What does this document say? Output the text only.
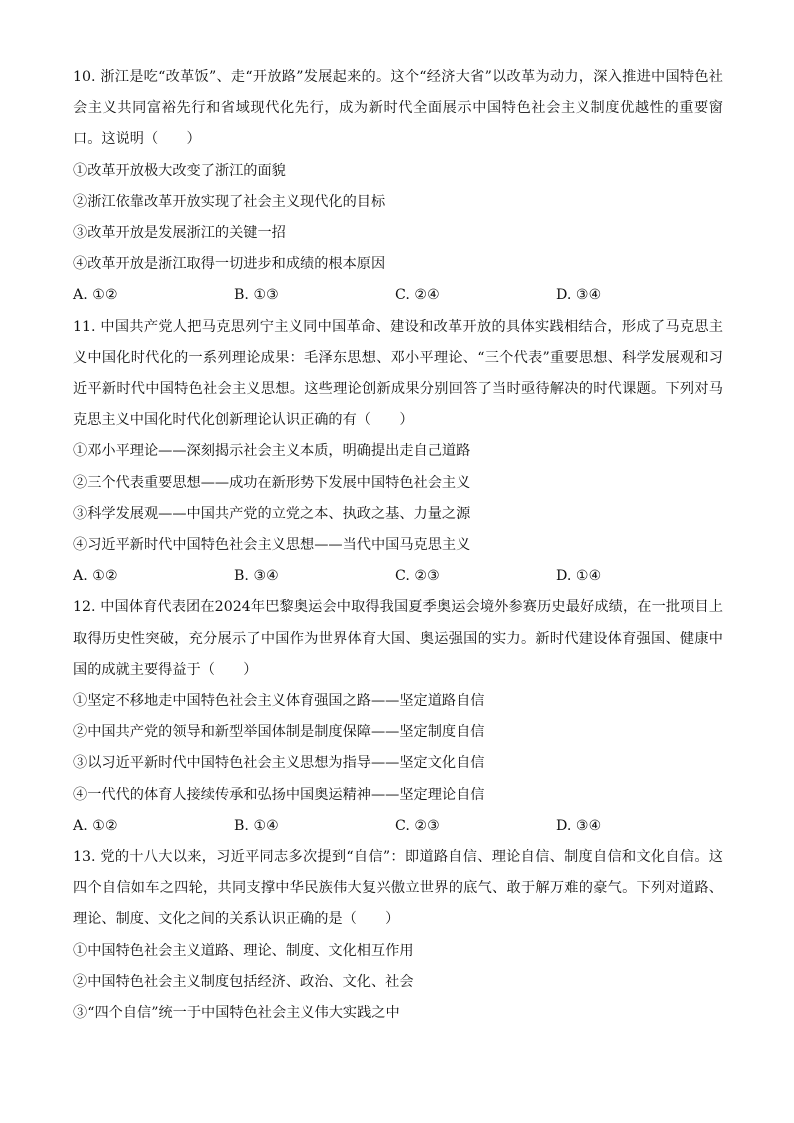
10. 浙江是吃“改革饭”、走“开放路”发展起来的。这个“经济大省”以改革为动力，深入推进中国特色社会主义共同富裕先行和省域现代化先行，成为新时代全面展示中国特色社会主义制度优越性的重要窗口。这说明（　　）

①改革开放极大改变了浙江的面貌

②浙江依靠改革开放实现了社会主义现代化的目标

③改革开放是发展浙江的关键一招

④改革开放是浙江取得一切进步和成绩的根本原因

A. ①②	B. ①③	C. ②④	D. ③④

11. 中国共产党人把马克思列宁主义同中国革命、建设和改革开放的具体实践相结合，形成了马克思主义中国化时代化的一系列理论成果：毛泽东思想、邓小平理论、“三个代表”重要思想、科学发展观和习近平新时代中国特色社会主义思想。这些理论创新成果分别回答了当时亟待解决的时代课题。下列对马克思主义中国化时代化创新理论认识正确的有（　　）

①邓小平理论——深刻揭示社会主义本质，明确提出走自己道路

②三个代表重要思想——成功在新形势下发展中国特色社会主义

③科学发展观——中国共产党的立党之本、执政之基、力量之源

④习近平新时代中国特色社会主义思想——当代中国马克思主义

A. ①②	B. ③④	C. ②③	D. ①④

12. 中国体育代表团在2024年巴黎奥运会中取得我国夏季奥运会境外参赛历史最好成绩，在一批项目上取得历史性突破，充分展示了中国作为世界体育大国、奥运强国的实力。新时代建设体育强国、健康中国的成就主要得益于（　　）

①坚定不移地走中国特色社会主义体育强国之路——坚定道路自信

②中国共产党的领导和新型举国体制是制度保障——坚定制度自信

③以习近平新时代中国特色社会主义思想为指导——坚定文化自信

④一代代的体育人接续传承和弘扬中国奥运精神——坚定理论自信

A. ①②	B. ①④	C. ②③	D. ③④

13. 党的十八大以来，习近平同志多次提到“自信”：即道路自信、理论自信、制度自信和文化自信。这四个自信如车之四轮，共同支撑中华民族伟大复兴傲立世界的底气、敢于解万难的豪气。下列对道路、理论、制度、文化之间的关系认识正确的是（　　）

①中国特色社会主义道路、理论、制度、文化相互作用

②中国特色社会主义制度包括经济、政治、文化、社会

③“四个自信”统一于中国特色社会主义伟大实践之中
